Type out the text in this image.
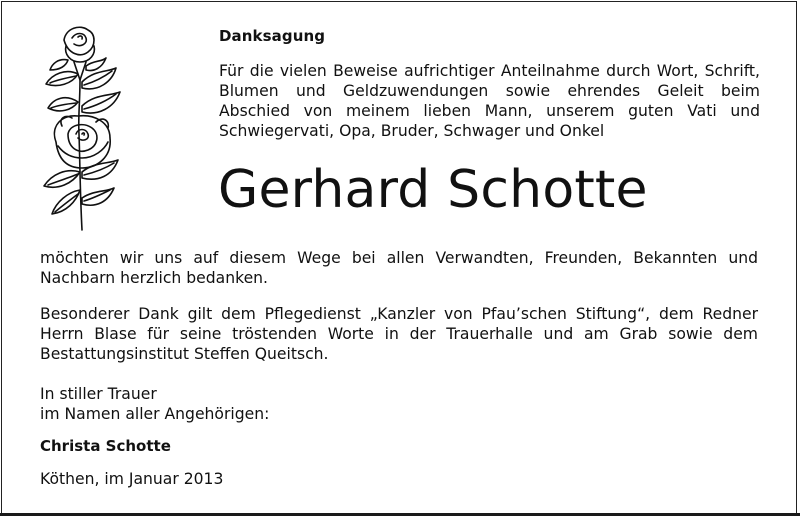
Danksagung
Für die vielen Beweise aufrichtiger Anteilnahme durch Wort, Schrift, Blumen und Geldzuwendungen sowie ehrendes Geleit beim Abschied von meinem lieben Mann, unserem guten Vati und Schwiegervati, Opa, Bruder, Schwager und Onkel
Gerhard Schotte
möchten wir uns auf diesem Wege bei allen Verwandten, Freunden, Bekannten und Nachbarn herzlich bedanken.
Besonderer Dank gilt dem Pflegedienst „Kanzler von Pfau’schen Stiftung“, dem Redner Herrn Blase für seine tröstenden Worte in der Trauerhalle und am Grab sowie dem Bestattungsinstitut Steffen Queitsch.
In stiller Trauer
im Namen aller Angehörigen:
Christa Schotte
Köthen, im Januar 2013
